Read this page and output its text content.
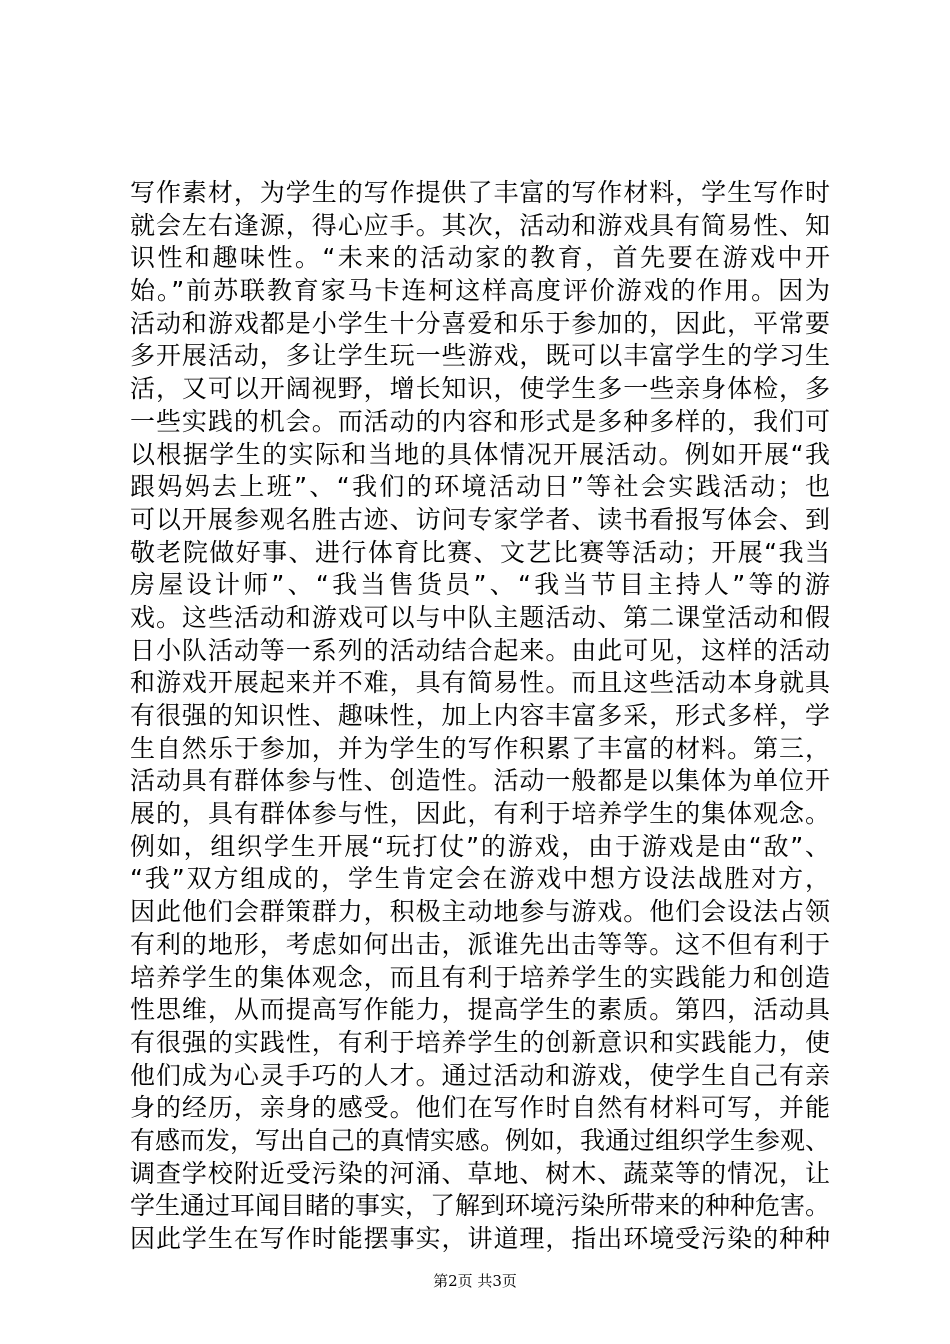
写作素材，为学生的写作提供了丰富的写作材料，学生写作时
就会左右逢源，得心应手。其次，活动和游戏具有简易性、知
识性和趣味性。“未来的活动家的教育，首先要在游戏中开
始。”前苏联教育家马卡连柯这样高度评价游戏的作用。因为
活动和游戏都是小学生十分喜爱和乐于参加的，因此，平常要
多开展活动，多让学生玩一些游戏，既可以丰富学生的学习生
活，又可以开阔视野，增长知识，使学生多一些亲身体检，多
一些实践的机会。而活动的内容和形式是多种多样的，我们可
以根据学生的实际和当地的具体情况开展活动。例如开展“我
跟妈妈去上班”、“我们的环境活动日”等社会实践活动；也
可以开展参观名胜古迹、访问专家学者、读书看报写体会、到
敬老院做好事、进行体育比赛、文艺比赛等活动；开展“我当
房屋设计师”、“我当售货员”、“我当节目主持人”等的游
戏。这些活动和游戏可以与中队主题活动、第二课堂活动和假
日小队活动等一系列的活动结合起来。由此可见，这样的活动
和游戏开展起来并不难，具有简易性。而且这些活动本身就具
有很强的知识性、趣味性，加上内容丰富多采，形式多样，学
生自然乐于参加，并为学生的写作积累了丰富的材料。第三，
活动具有群体参与性、创造性。活动一般都是以集体为单位开
展的，具有群体参与性，因此，有利于培养学生的集体观念。
例如，组织学生开展“玩打仗”的游戏，由于游戏是由“敌”、
“我”双方组成的，学生肯定会在游戏中想方设法战胜对方，
因此他们会群策群力，积极主动地参与游戏。他们会设法占领
有利的地形，考虑如何出击，派谁先出击等等。这不但有利于
培养学生的集体观念，而且有利于培养学生的实践能力和创造
性思维，从而提高写作能力，提高学生的素质。第四，活动具
有很强的实践性，有利于培养学生的创新意识和实践能力，使
他们成为心灵手巧的人才。通过活动和游戏，使学生自己有亲
身的经历，亲身的感受。他们在写作时自然有材料可写，并能
有感而发，写出自己的真情实感。例如，我通过组织学生参观、
调查学校附近受污染的河涌、草地、树木、蔬菜等的情况，让
学生通过耳闻目睹的事实，了解到环境污染所带来的种种危害。
因此学生在写作时能摆事实，讲道理，指出环境受污染的种种
第2页 共3页
